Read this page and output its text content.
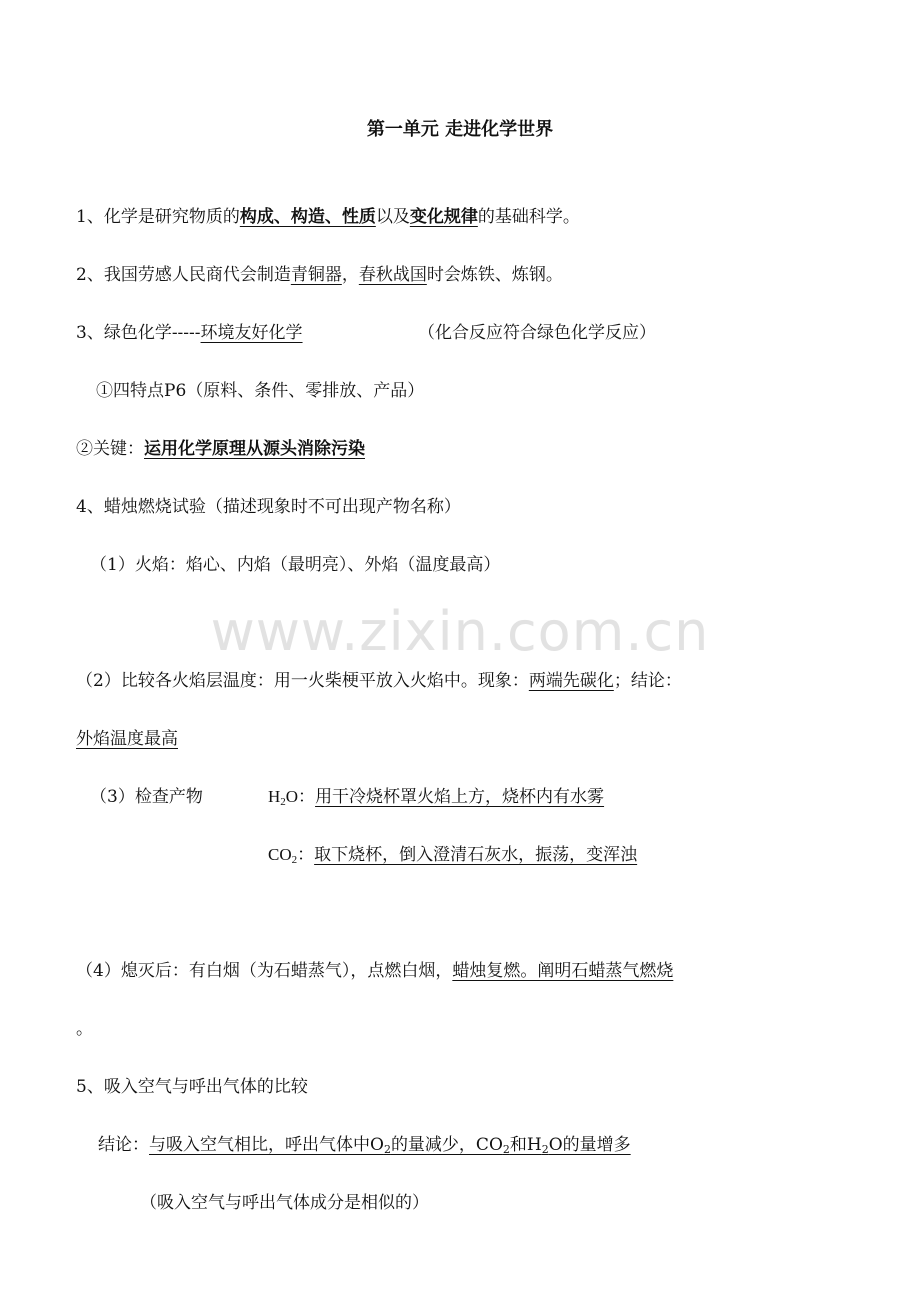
www.zixin.com.cn
第一单元 走进化学世界
1、化学是研究物质的构成、构造、性质以及变化规律的基础科学。
2、我国劳感人民商代会制造青铜器，春秋战国时会炼铁、炼钢。
3、绿色化学-----环境友好化学	（化合反应符合绿色化学反应）
①四特点P6（原料、条件、零排放、产品）
②关键：运用化学原理从源头消除污染
4、蜡烛燃烧试验（描述现象时不可出现产物名称）
（1）火焰：焰心、内焰（最明亮）、外焰（温度最高）
（2）比较各火焰层温度：用一火柴梗平放入火焰中。现象：两端先碳化；结论：
外焰温度最高
（3）检查产物	$H_2O$：用干冷烧杯罩火焰上方，烧杯内有水雾
$CO_2$：取下烧杯，倒入澄清石灰水，振荡，变浑浊
（4）熄灭后：有白烟（为石蜡蒸气），点燃白烟，蜡烛复燃。阐明石蜡蒸气燃烧
。
5、吸入空气与呼出气体的比较
结论：与吸入空气相比，呼出气体中$O_2$的量减少，$CO_2$和$H_2O$的量增多
（吸入空气与呼出气体成分是相似的）
